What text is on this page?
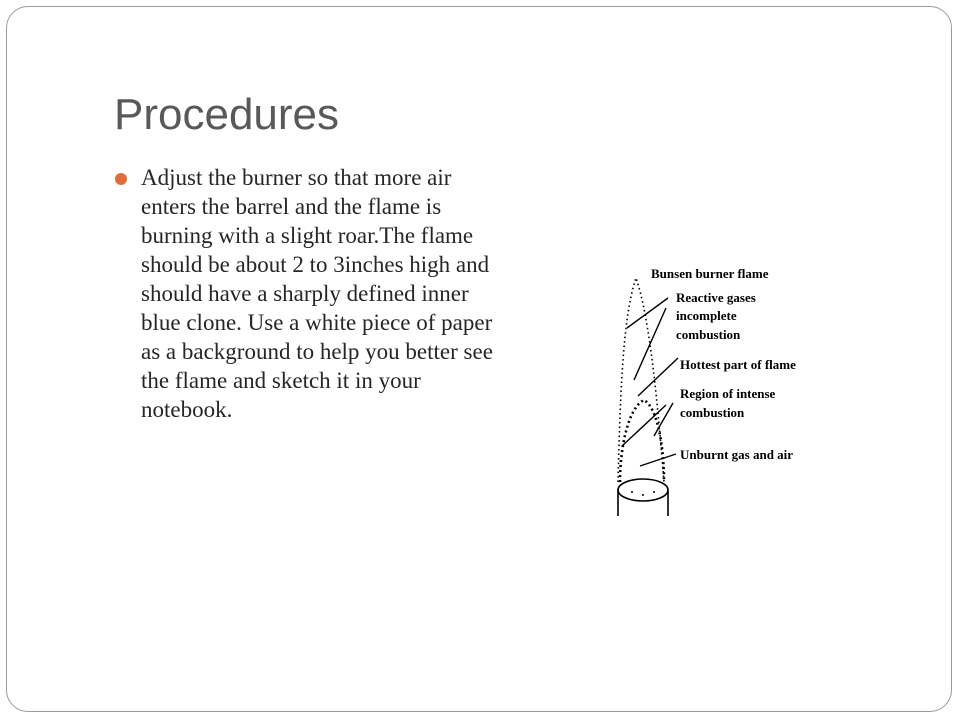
Procedures

Adjust the burner so that more air enters the barrel and the flame is burning with a slight roar.The flame should be about 2 to 3inches high and should have a sharply defined inner blue clone. Use a white piece of paper as a background to help you better see the flame and sketch it in your notebook.

Bunsen burner flame
Reactive gases
incomplete
combustion
Hottest part of flame
Region of intense
combustion
Unburnt gas and air
